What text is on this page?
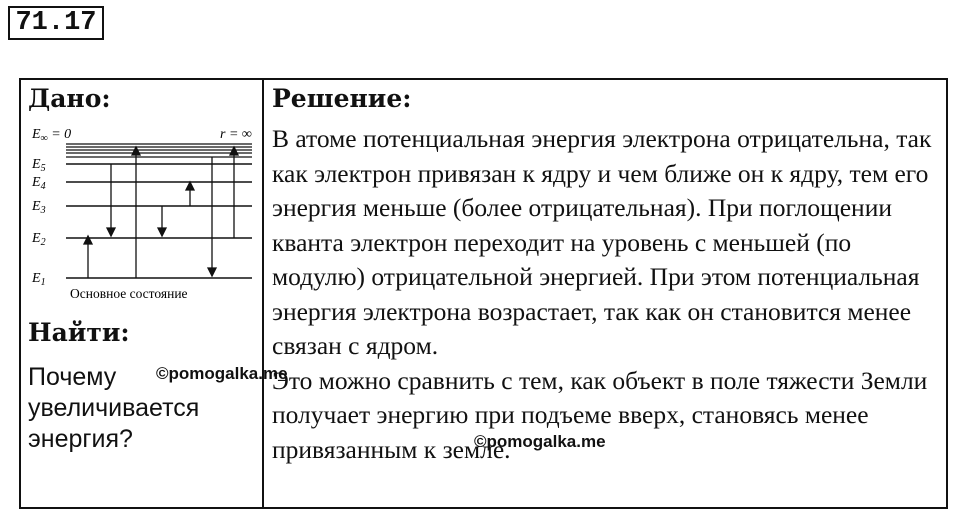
71.17
Дано:
$E_\infty = 0$	r = ∞
$E_5$
$E_4$
$E_3$
$E_2$
$E_1$
Основное состояние
Найти:
Почему увеличивается энергия?
Решение:
В атоме потенциальная энергия электрона отрицательна, так как электрон привязан к ядру и чем ближе он к ядру, тем его энергия меньше (более отрицательная). При поглощении кванта электрон переходит на уровень с меньшей (по модулю) отрицательной энергией. При этом потенциальная энергия электрона возрастает, так как он становится менее связан с ядром.
Это можно сравнить с тем, как объект в поле тяжести Земли получает энергию при подъеме вверх, становясь менее привязанным к земле.
©pomogalka.me
©pomogalka.me
